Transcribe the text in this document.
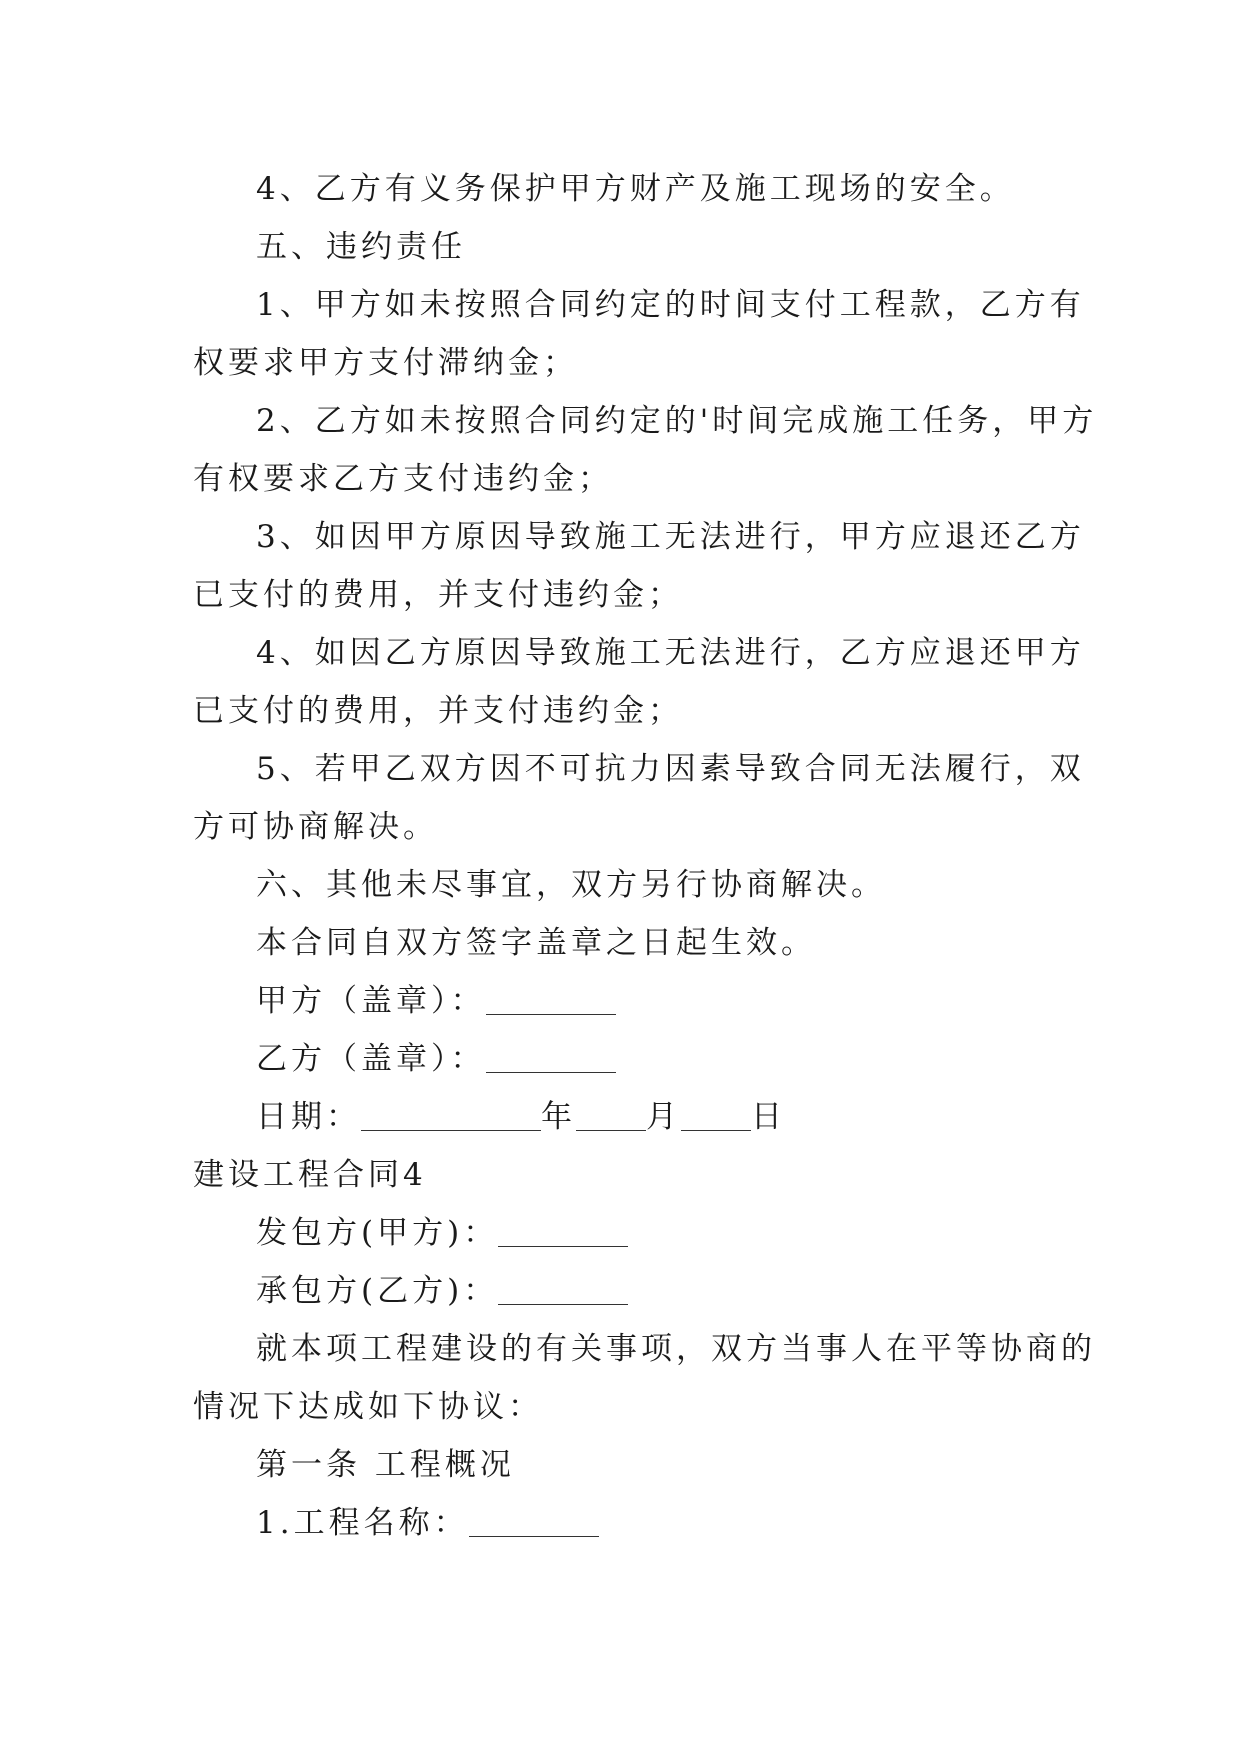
4、乙方有义务保护甲方财产及施工现场的安全。
五、违约责任
1、甲方如未按照合同约定的时间支付工程款，乙方有
权要求甲方支付滞纳金；
2、乙方如未按照合同约定的'时间完成施工任务，甲方
有权要求乙方支付违约金；
3、如因甲方原因导致施工无法进行，甲方应退还乙方
已支付的费用，并支付违约金；
4、如因乙方原因导致施工无法进行，乙方应退还甲方
已支付的费用，并支付违约金；
5、若甲乙双方因不可抗力因素导致合同无法履行，双
方可协商解决。
六、其他未尽事宜，双方另行协商解决。
本合同自双方签字盖章之日起生效。
甲方（盖章）：
乙方（盖章）：
日期：	年 月 日
建设工程合同4
发包方(甲方)：
承包方(乙方)：
就本项工程建设的有关事项，双方当事人在平等协商的
情况下达成如下协议：
第一条 工程概况
1.工程名称：
